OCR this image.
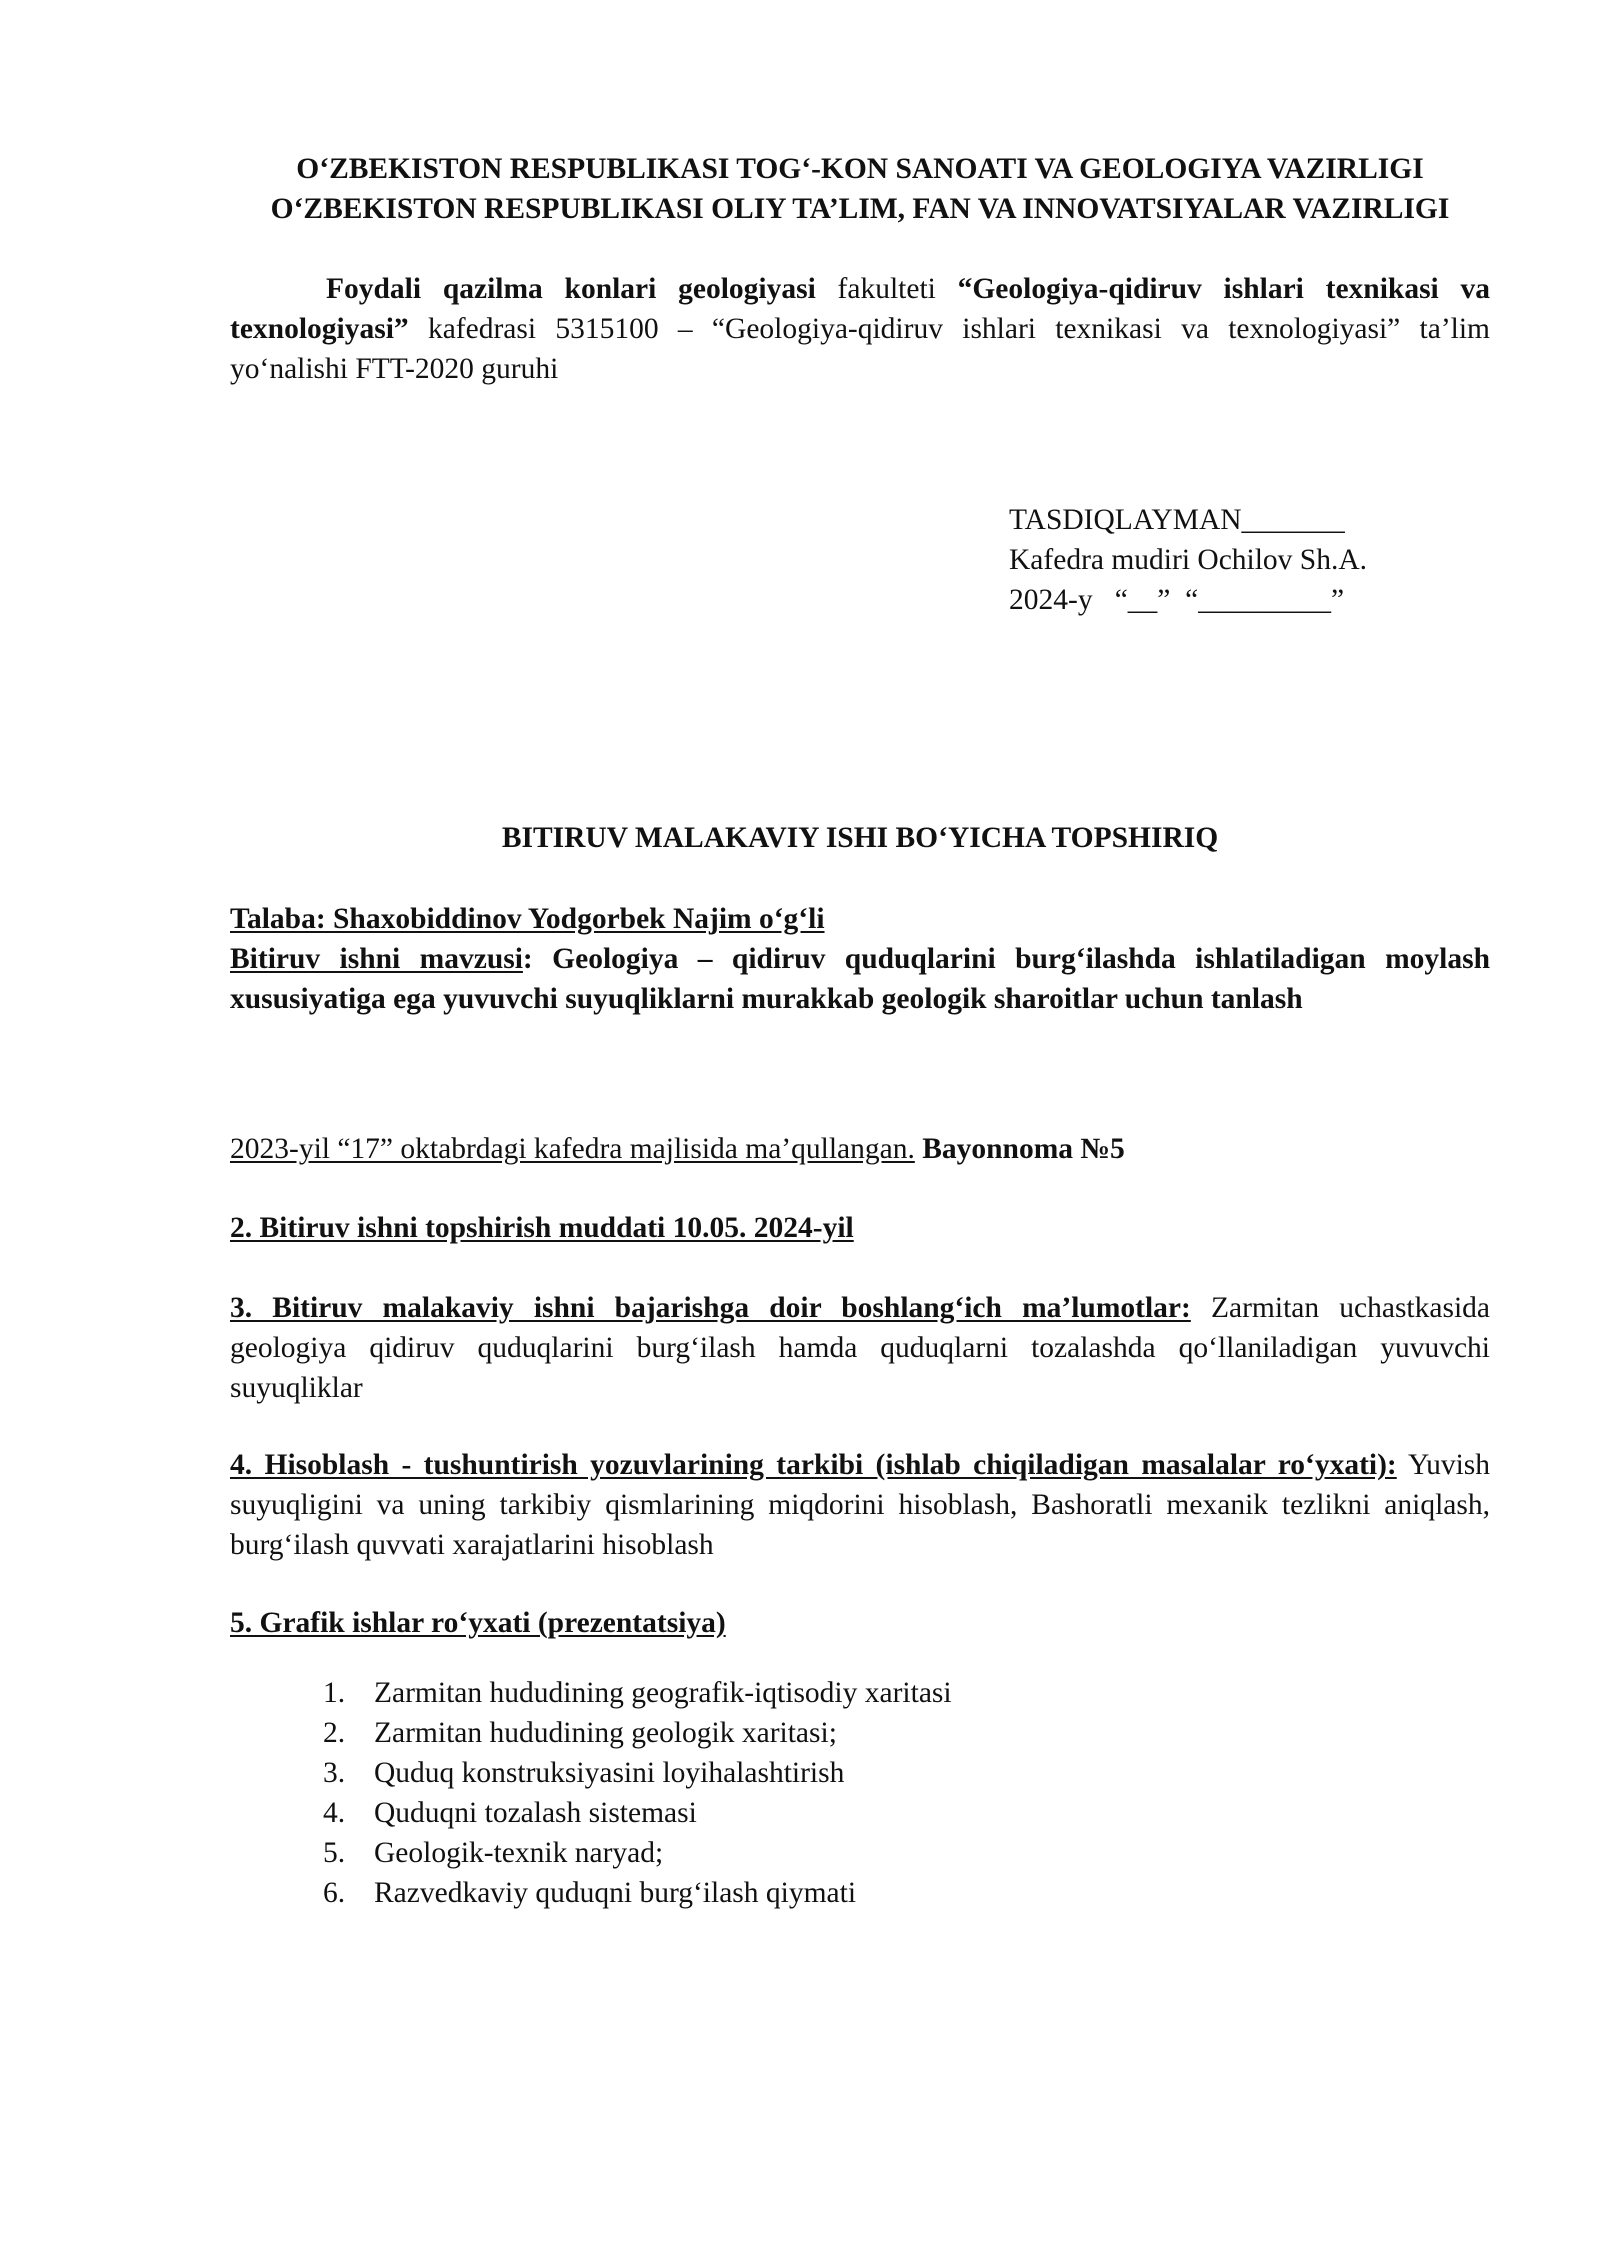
O‘ZBEKISTON RESPUBLIKASI TOG‘-KON SANOATI VA GEOLOGIYA VAZIRLIGI
O‘ZBEKISTON RESPUBLIKASI OLIY TA’LIM, FAN VA INNOVATSIYALAR VAZIRLIGI
Foydali qazilma konlari geologiyasi fakulteti “Geologiya-qidiruv ishlari texnikasi va texnologiyasi” kafedrasi 5315100 – “Geologiya-qidiruv ishlari texnikasi va texnologiyasi” ta’lim yo‘nalishi FTT-2020 guruhi
TASDIQLAYMAN_______
Kafedra mudiri Ochilov Sh.A.
2024-y   “__”  “_________”
BITIRUV MALAKAVIY ISHI BO‘YICHA TOPSHIRIQ
Talaba: Shaxobiddinov Yodgorbek Najim o‘g‘li
Bitiruv ishni mavzusi: Geologiya – qidiruv quduqlarini burg‘ilashda ishlatiladigan moylash xususiyatiga ega yuvuvchi suyuqliklarni murakkab geologik sharoitlar uchun tanlash
2023-yil “17” oktabrdagi kafedra majlisida ma’qullangan. Bayonnoma №5
2. Bitiruv ishni topshirish muddati 10.05. 2024-yil
3. Bitiruv malakaviy ishni bajarishga doir boshlang‘ich ma’lumotlar: Zarmitan uchastkasida geologiya qidiruv quduqlarini burg‘ilash hamda quduqlarni tozalashda qo‘llaniladigan yuvuvchi suyuqliklar
4. Hisoblash - tushuntirish yozuvlarining tarkibi (ishlab chiqiladigan masalalar ro‘yxati): Yuvish suyuqligini va uning tarkibiy qismlarining miqdorini hisoblash, Bashoratli mexanik tezlikni aniqlash, burg‘ilash quvvati xarajatlarini hisoblash
5. Grafik ishlar ro‘yxati (prezentatsiya)
1. Zarmitan hududining geografik-iqtisodiy xaritasi
2. Zarmitan hududining geologik xaritasi;
3. Quduq konstruksiyasini loyihalashtirish
4. Quduqni tozalash sistemasi
5. Geologik-texnik naryad;
6. Razvedkaviy quduqni burg‘ilash qiymati
